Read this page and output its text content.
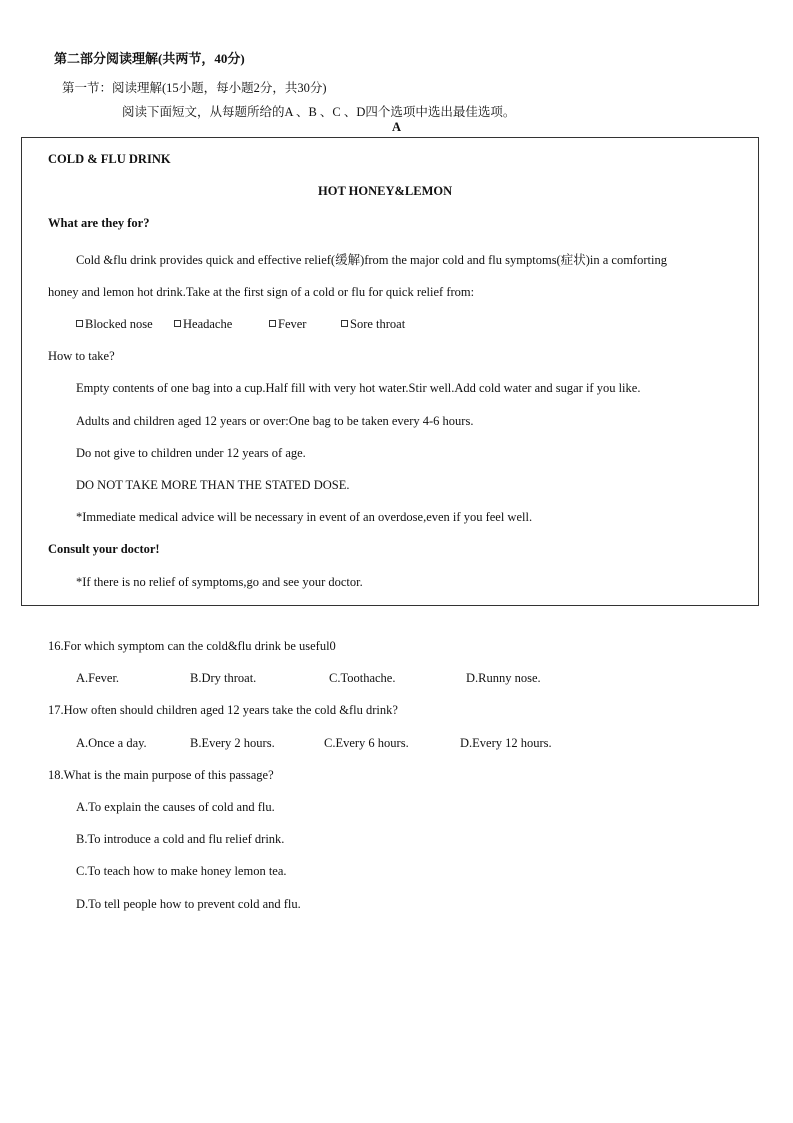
第二部分阅读理解(共两节，40分)
第一节：阅读理解(15小题，每小题2分，共30分)
阅读下面短文，从每题所给的A 、B 、C 、D四个选项中选出最佳选项。
A
COLD & FLU DRINK
HOT HONEY&LEMON
What are they for?
Cold &flu drink provides quick and effective relief(缓解)from the major cold and flu symptoms(症状)in a comforting
honey and lemon hot drink.Take at the first sign of a cold or flu for quick relief from:
Blocked nose	Headache	Fever	Sore throat
How to take?
Empty contents of one bag into a cup.Half fill with very hot water.Stir well.Add cold water and sugar if you like.
Adults and children aged 12 years or over:One bag to be taken every 4-6 hours.
Do not give to children under 12 years of age.
DO NOT TAKE MORE THAN THE STATED DOSE.
*Immediate medical advice will be necessary in event of an overdose,even if you feel well.
Consult your doctor!
*If there is no relief of symptoms,go and see your doctor.
16.For which symptom can the cold&flu drink be useful0
A.Fever.	B.Dry throat.	C.Toothache.	D.Runny nose.
17.How often should children aged 12 years take the cold &flu drink?
A.Once a day.	B.Every 2 hours.	C.Every 6 hours.	D.Every 12 hours.
18.What is the main purpose of this passage?
A.To explain the causes of cold and flu.
B.To introduce a cold and flu relief drink.
C.To teach how to make honey lemon tea.
D.To tell people how to prevent cold and flu.
